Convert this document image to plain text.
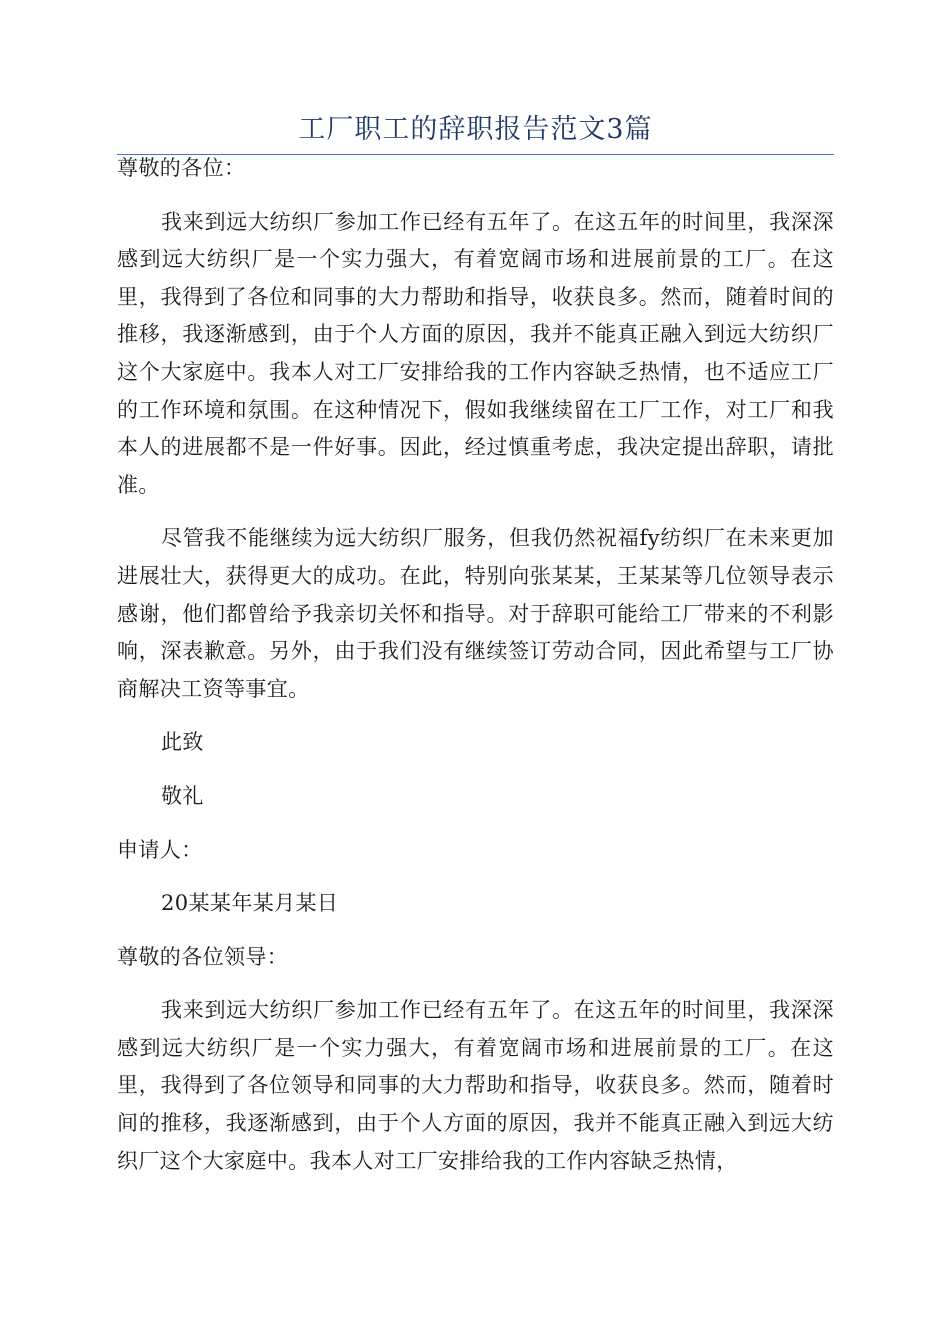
工厂职工的辞职报告范文3篇

尊敬的各位：

我来到远大纺织厂参加工作已经有五年了。在这五年的时间里，我深深感到远大纺织厂是一个实力强大，有着宽阔市场和进展前景的工厂。在这里，我得到了各位和同事的大力帮助和指导，收获良多。然而，随着时间的推移，我逐渐感到，由于个人方面的原因，我并不能真正融入到远大纺织厂这个大家庭中。我本人对工厂安排给我的工作内容缺乏热情，也不适应工厂的工作环境和氛围。在这种情况下，假如我继续留在工厂工作，对工厂和我本人的进展都不是一件好事。因此，经过慎重考虑，我决定提出辞职，请批准。

尽管我不能继续为远大纺织厂服务，但我仍然祝福fy纺织厂在未来更加进展壮大，获得更大的成功。在此，特别向张某某，王某某等几位领导表示感谢，他们都曾给予我亲切关怀和指导。对于辞职可能给工厂带来的不利影响，深表歉意。另外，由于我们没有继续签订劳动合同，因此希望与工厂协商解决工资等事宜。

此致

敬礼

申请人：

20某某年某月某日

尊敬的各位领导：

我来到远大纺织厂参加工作已经有五年了。在这五年的时间里，我深深感到远大纺织厂是一个实力强大，有着宽阔市场和进展前景的工厂。在这里，我得到了各位领导和同事的大力帮助和指导，收获良多。然而，随着时间的推移，我逐渐感到，由于个人方面的原因，我并不能真正融入到远大纺织厂这个大家庭中。我本人对工厂安排给我的工作内容缺乏热情，
